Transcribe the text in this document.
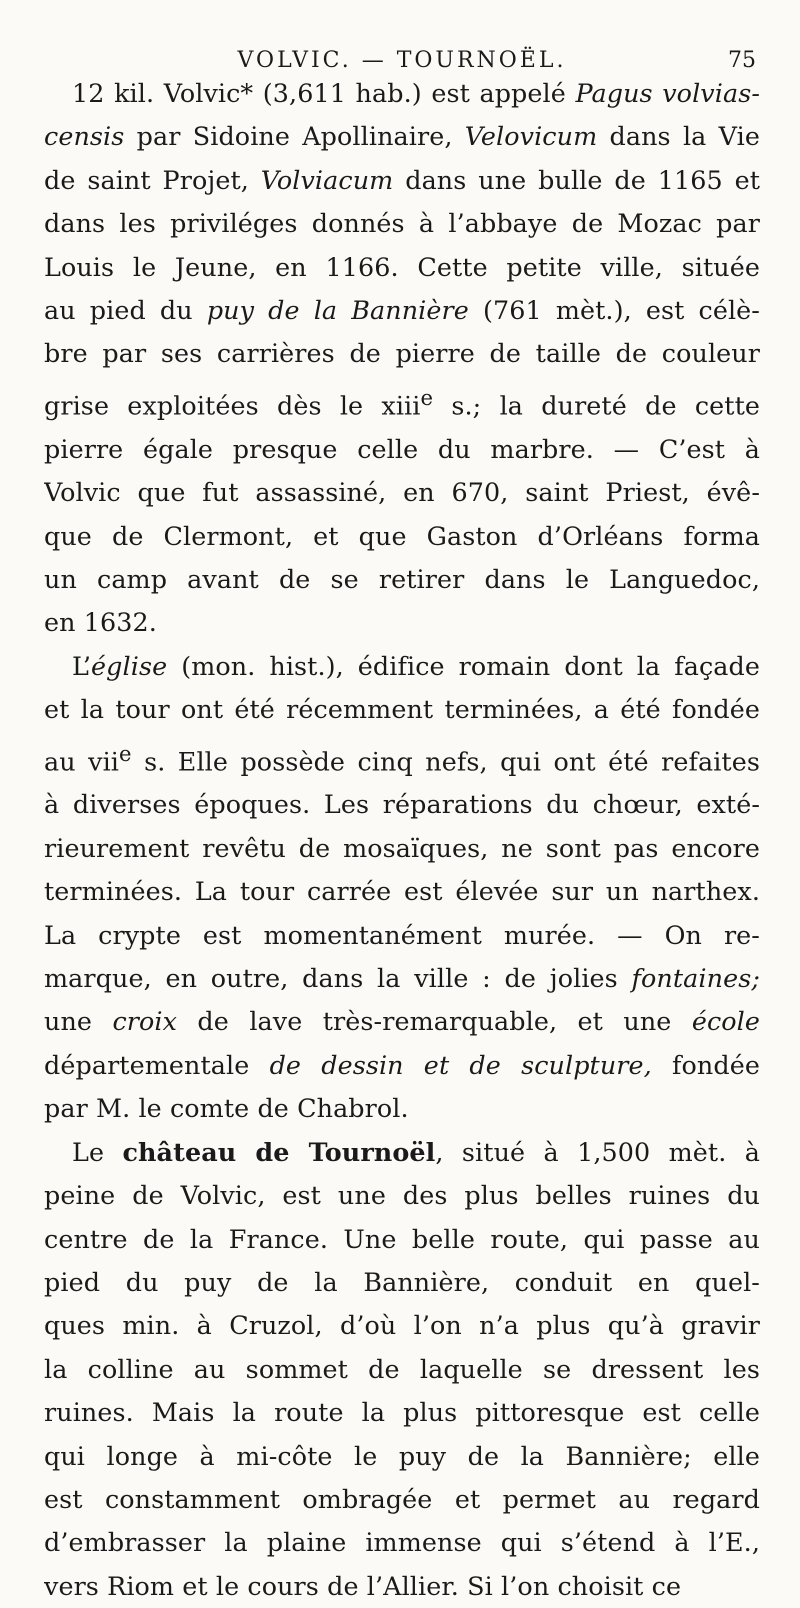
VOLVIC. — TOURNOËL.	75
12 kil. Volvic* (3,611 hab.) est appelé Pagus volvias-
censis par Sidoine Apollinaire, Velovicum dans la Vie
de saint Projet, Volviacum dans une bulle de 1165 et
dans les priviléges donnés à l’abbaye de Mozac par
Louis le Jeune, en 1166. Cette petite ville, située
au pied du puy de la Bannière (761 mèt.), est célè-
bre par ses carrières de pierre de taille de couleur
grise exploitées dès le xiii$^e$ s.; la dureté de cette
pierre égale presque celle du marbre. — C’est à
Volvic que fut assassiné, en 670, saint Priest, évê-
que de Clermont, et que Gaston d’Orléans forma
un camp avant de se retirer dans le Languedoc,
en 1632.
L’église (mon. hist.), édifice romain dont la façade
et la tour ont été récemment terminées, a été fondée
au vii$^e$ s. Elle possède cinq nefs, qui ont été refaites
à diverses époques. Les réparations du chœur, exté-
rieurement revêtu de mosaïques, ne sont pas encore
terminées. La tour carrée est élevée sur un narthex.
La crypte est momentanément murée. — On re-
marque, en outre, dans la ville : de jolies fontaines;
une croix de lave très-remarquable, et une école
départementale de dessin et de sculpture, fondée
par M. le comte de Chabrol.
Le château de Tournoël, situé à 1,500 mèt. à
peine de Volvic, est une des plus belles ruines du
centre de la France. Une belle route, qui passe au
pied du puy de la Bannière, conduit en quel-
ques min. à Cruzol, d’où l’on n’a plus qu’à gravir
la colline au sommet de laquelle se dressent les
ruines. Mais la route la plus pittoresque est celle
qui longe à mi-côte le puy de la Bannière; elle
est constamment ombragée et permet au regard
d’embrasser la plaine immense qui s’étend à l’E.,
vers Riom et le cours de l’Allier. Si l’on choisit ce
